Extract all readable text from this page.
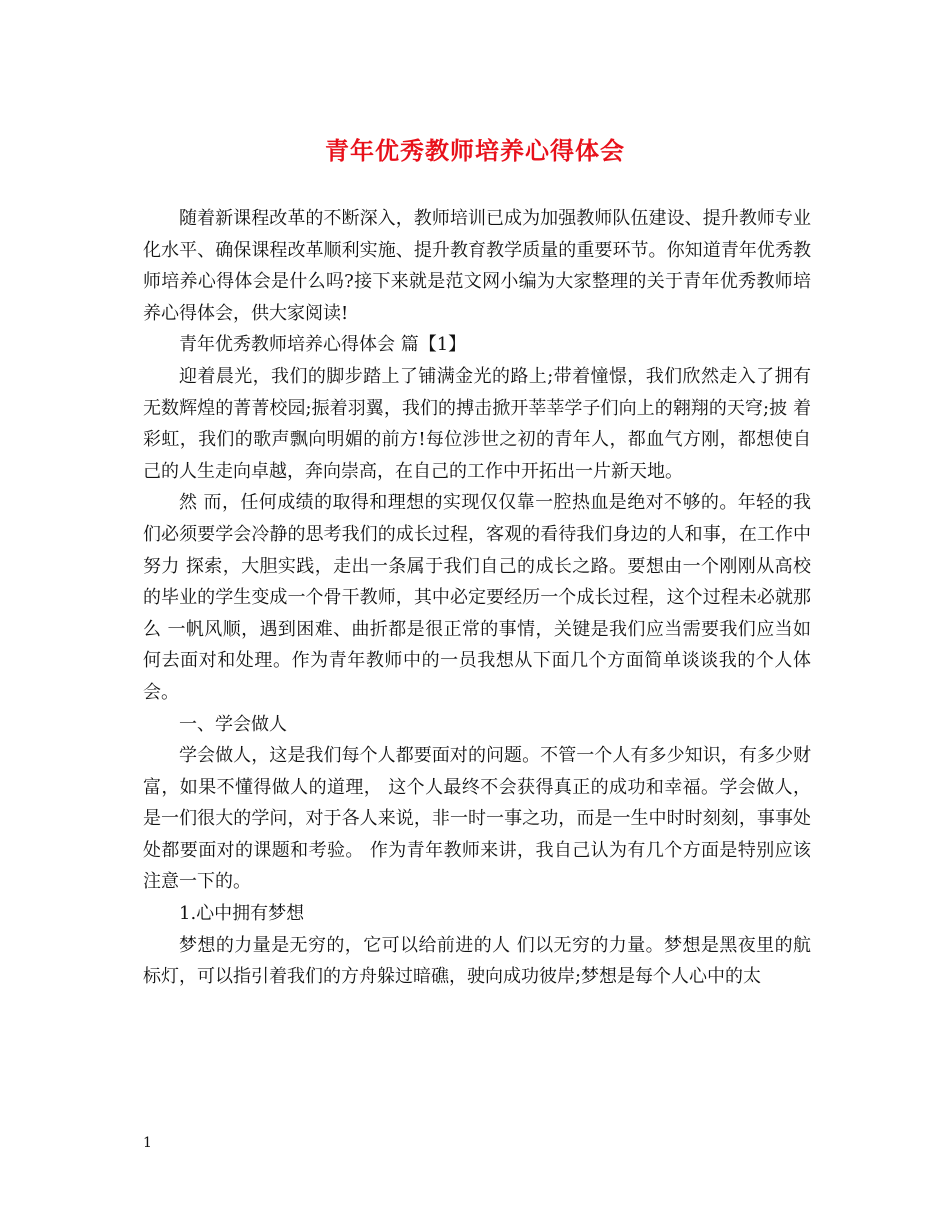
青年优秀教师培养心得体会

随着新课程改革的不断深入，教师培训已成为加强教师队伍建设、提升教师专业化水平、确保课程改革顺利实施、提升教育教学质量的重要环节。你知道青年优秀教师培养心得体会是什么吗?接下来就是范文网小编为大家整理的关于青年优秀教师培养心得体会，供大家阅读!

青年优秀教师培养心得体会 篇【1】

迎着晨光，我们的脚步踏上了铺满金光的路上;带着憧憬，我们欣然走入了拥有无数辉煌的菁菁校园;振着羽翼，我们的搏击掀开莘莘学子们向上的翱翔的天穹;披 着彩虹，我们的歌声飘向明媚的前方!每位涉世之初的青年人，都血气方刚，都想使自己的人生走向卓越，奔向崇高，在自己的工作中开拓出一片新天地。

然 而，任何成绩的取得和理想的实现仅仅靠一腔热血是绝对不够的。年轻的我们必须要学会冷静的思考我们的成长过程，客观的看待我们身边的人和事，在工作中努力 探索，大胆实践，走出一条属于我们自己的成长之路。要想由一个刚刚从高校的毕业的学生变成一个骨干教师，其中必定要经历一个成长过程，这个过程未必就那么 一帆风顺，遇到困难、曲折都是很正常的事情，关键是我们应当需要我们应当如何去面对和处理。作为青年教师中的一员我想从下面几个方面简单谈谈我的个人体 会。

一、学会做人

学会做人，这是我们每个人都要面对的问题。不管一个人有多少知识，有多少财富，如果不懂得做人的道理， 这个人最终不会获得真正的成功和幸福。学会做人，是一们很大的学问，对于各人来说，非一时一事之功，而是一生中时时刻刻，事事处处都要面对的课题和考验。 作为青年教师来讲，我自己认为有几个方面是特别应该注意一下的。

1.心中拥有梦想

梦想的力量是无穷的，它可以给前进的人 们以无穷的力量。梦想是黑夜里的航标灯，可以指引着我们的方舟躲过暗礁，驶向成功彼岸;梦想是每个人心中的太

1
